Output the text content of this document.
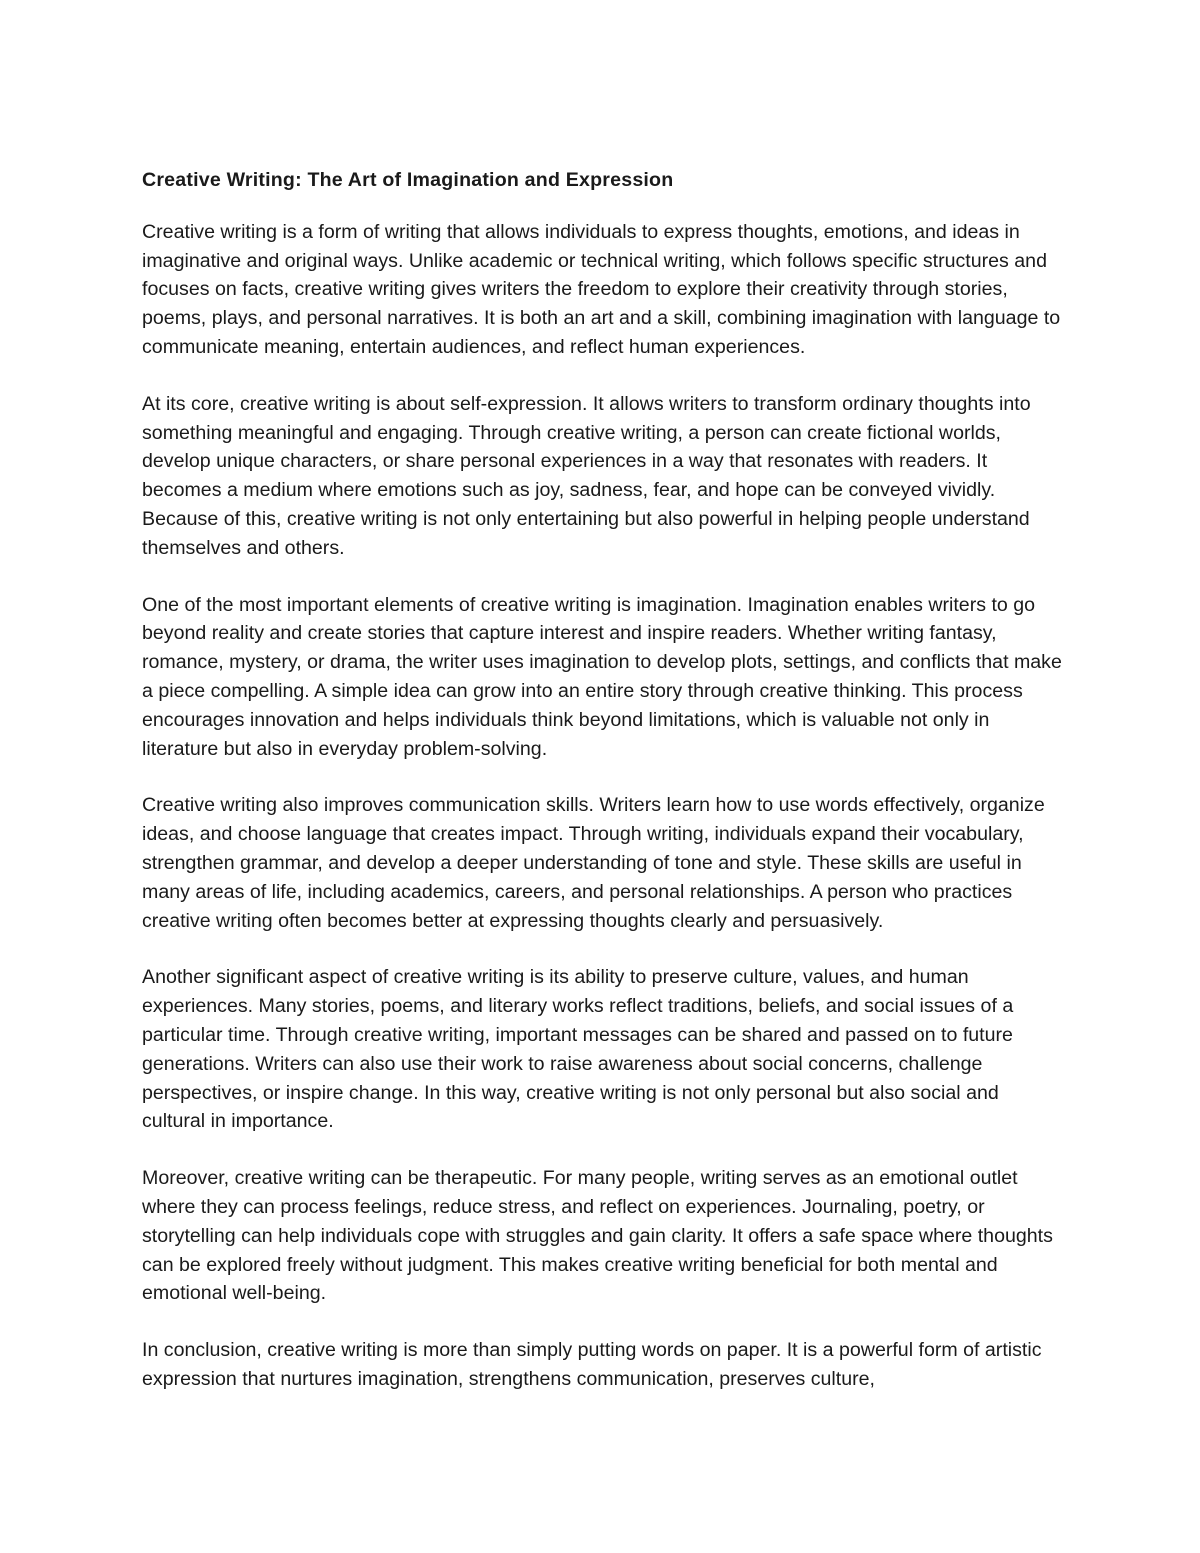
Creative Writing: The Art of Imagination and Expression

Creative writing is a form of writing that allows individuals to express thoughts, emotions, and ideas in imaginative and original ways. Unlike academic or technical writing, which follows specific structures and focuses on facts, creative writing gives writers the freedom to explore their creativity through stories, poems, plays, and personal narratives. It is both an art and a skill, combining imagination with language to communicate meaning, entertain audiences, and reflect human experiences.

At its core, creative writing is about self-expression. It allows writers to transform ordinary thoughts into something meaningful and engaging. Through creative writing, a person can create fictional worlds, develop unique characters, or share personal experiences in a way that resonates with readers. It becomes a medium where emotions such as joy, sadness, fear, and hope can be conveyed vividly. Because of this, creative writing is not only entertaining but also powerful in helping people understand themselves and others.

One of the most important elements of creative writing is imagination. Imagination enables writers to go beyond reality and create stories that capture interest and inspire readers. Whether writing fantasy, romance, mystery, or drama, the writer uses imagination to develop plots, settings, and conflicts that make a piece compelling. A simple idea can grow into an entire story through creative thinking. This process encourages innovation and helps individuals think beyond limitations, which is valuable not only in literature but also in everyday problem-solving.

Creative writing also improves communication skills. Writers learn how to use words effectively, organize ideas, and choose language that creates impact. Through writing, individuals expand their vocabulary, strengthen grammar, and develop a deeper understanding of tone and style. These skills are useful in many areas of life, including academics, careers, and personal relationships. A person who practices creative writing often becomes better at expressing thoughts clearly and persuasively.

Another significant aspect of creative writing is its ability to preserve culture, values, and human experiences. Many stories, poems, and literary works reflect traditions, beliefs, and social issues of a particular time. Through creative writing, important messages can be shared and passed on to future generations. Writers can also use their work to raise awareness about social concerns, challenge perspectives, or inspire change. In this way, creative writing is not only personal but also social and cultural in importance.

Moreover, creative writing can be therapeutic. For many people, writing serves as an emotional outlet where they can process feelings, reduce stress, and reflect on experiences. Journaling, poetry, or storytelling can help individuals cope with struggles and gain clarity. It offers a safe space where thoughts can be explored freely without judgment. This makes creative writing beneficial for both mental and emotional well-being.

In conclusion, creative writing is more than simply putting words on paper. It is a powerful form of artistic expression that nurtures imagination, strengthens communication, preserves culture,
